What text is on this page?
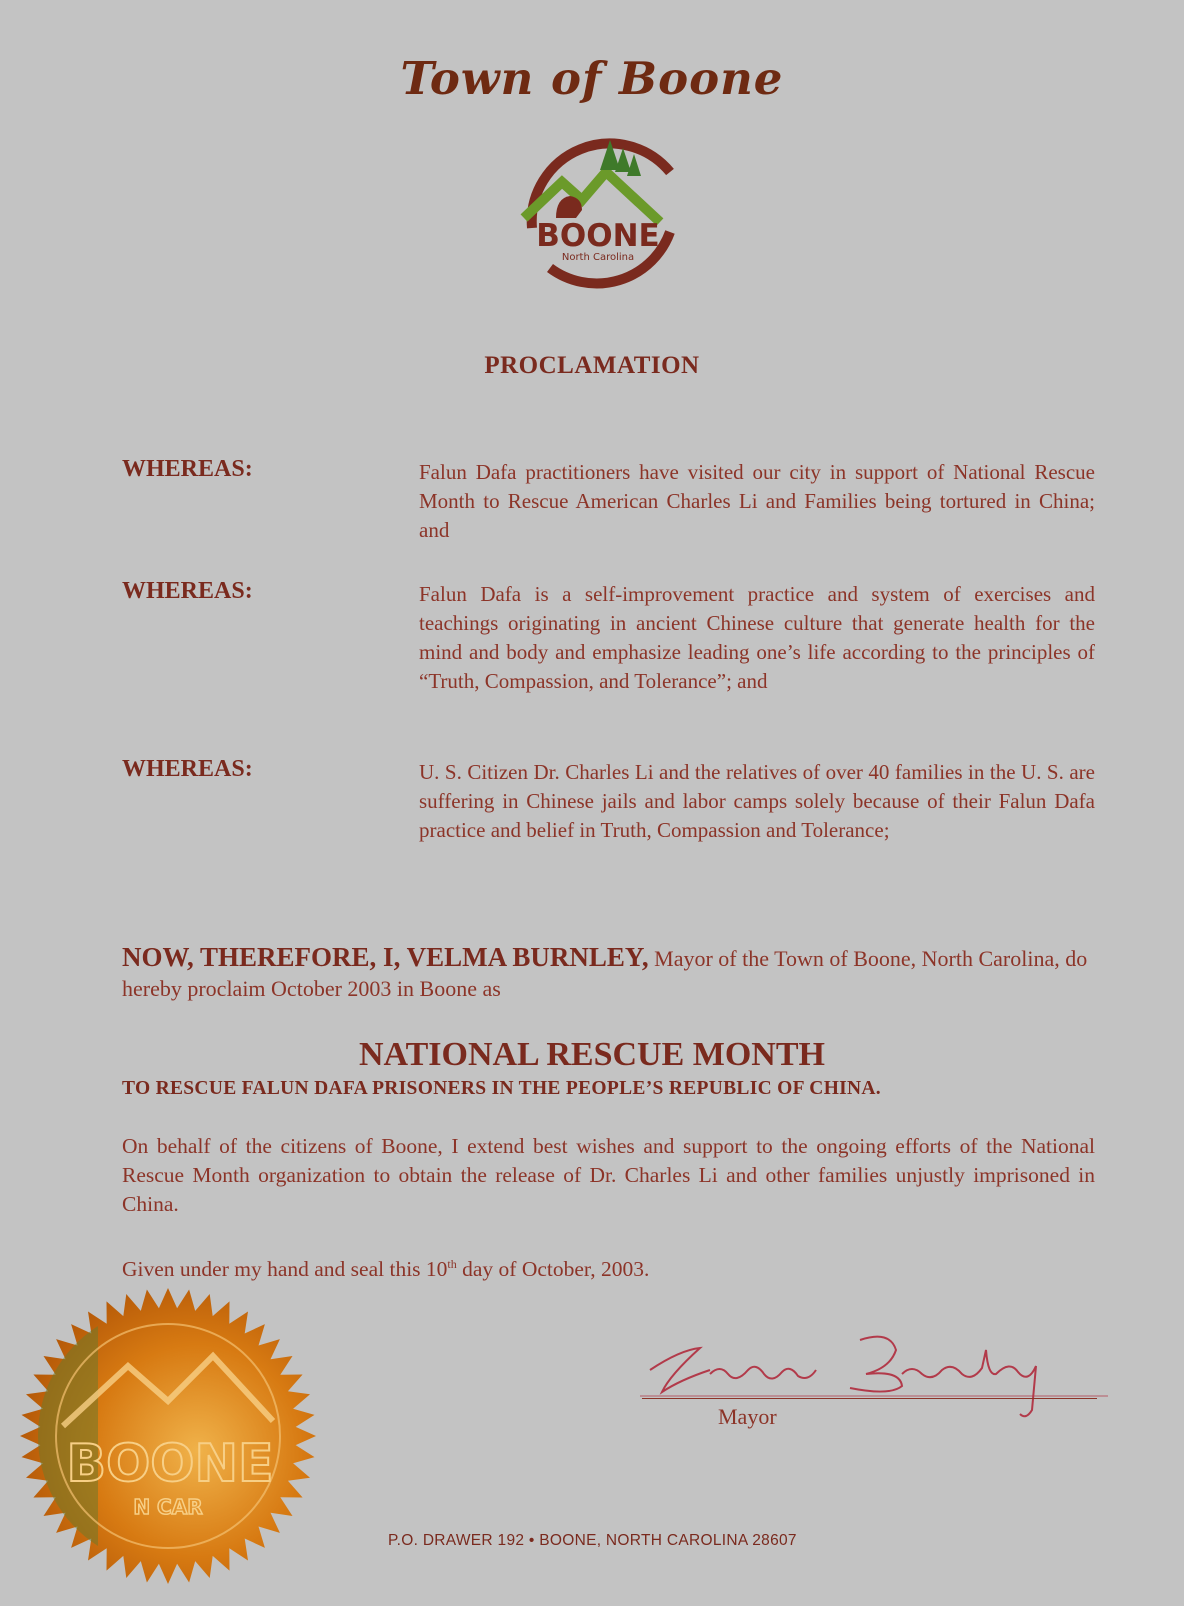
Town of Boone
BOONE
North Carolina
PROCLAMATION
WHEREAS:	Falun Dafa practitioners have visited our city in support of National Rescue Month to Rescue American Charles Li and Families being tortured in China; and
WHEREAS:	Falun Dafa is a self-improvement practice and system of exercises and teachings originating in ancient Chinese culture that generate health for the mind and body and emphasize leading one’s life according to the principles of “Truth, Compassion, and Tolerance”; and
WHEREAS:	U. S. Citizen Dr. Charles Li and the relatives of over 40 families in the U. S. are suffering in Chinese jails and labor camps solely because of their Falun Dafa practice and belief in Truth, Compassion and Tolerance;
NOW, THEREFORE, I, VELMA BURNLEY, Mayor of the Town of Boone, North Carolina, do hereby proclaim October 2003 in Boone as
NATIONAL RESCUE MONTH
TO RESCUE FALUN DAFA PRISONERS IN THE PEOPLE’S REPUBLIC OF CHINA.
On behalf of the citizens of Boone, I extend best wishes and support to the ongoing efforts of the National Rescue Month organization to obtain the release of Dr. Charles Li and other families unjustly imprisoned in China.
Given under my hand and seal this 10th day of October, 2003.
BOONE
N CAR
Mayor
P.O. DRAWER 192 • BOONE, NORTH CAROLINA 28607
